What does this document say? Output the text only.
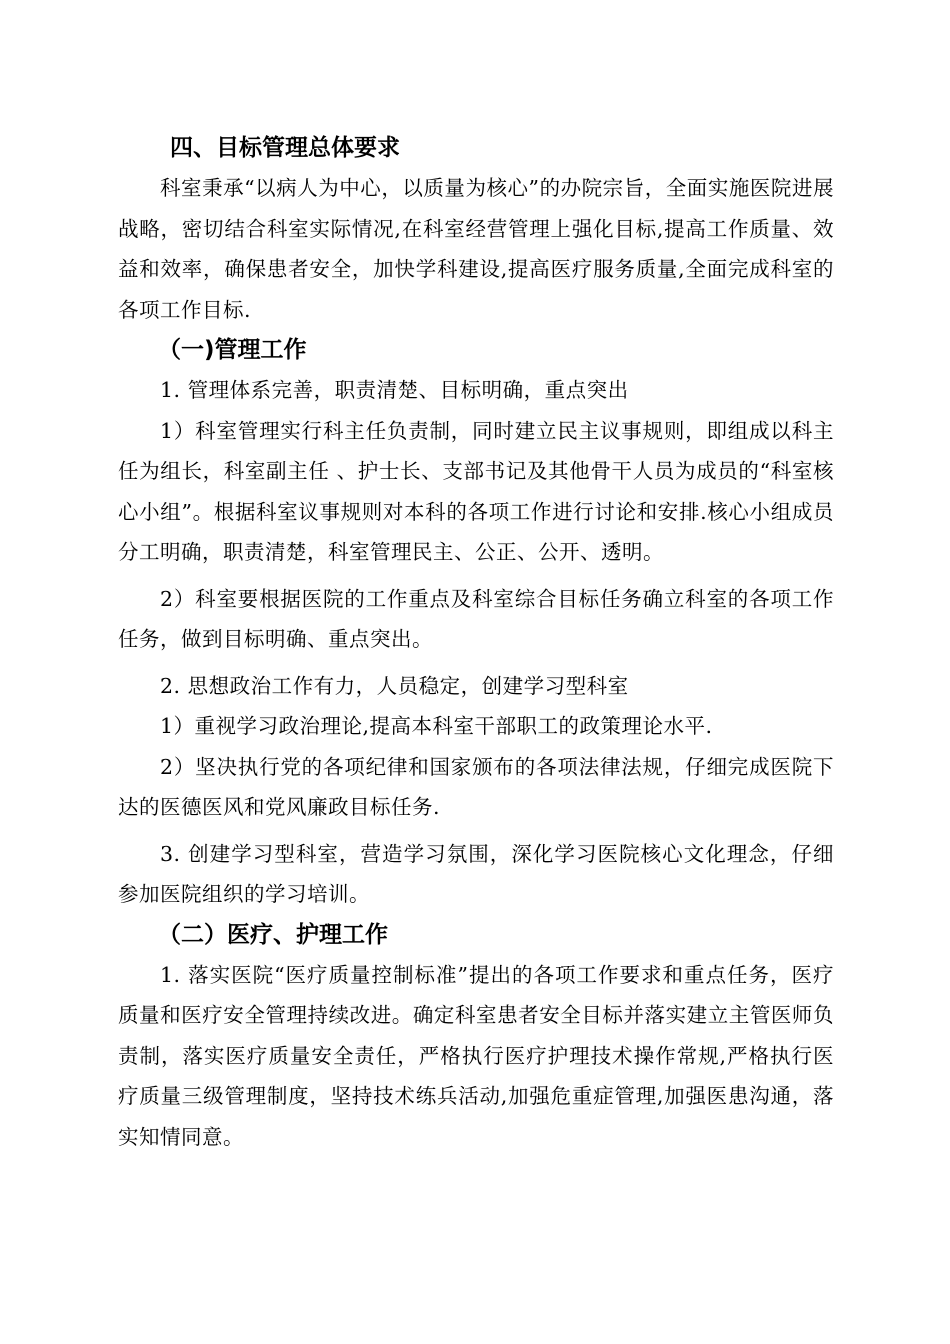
四、目标管理总体要求

科室秉承“以病人为中心，以质量为核心”的办院宗旨，全面实施医院进展战略，密切结合科室实际情况,在科室经营管理上强化目标,提高工作质量、效益和效率，确保患者安全，加快学科建设,提高医疗服务质量,全面完成科室的各项工作目标.

（一)管理工作

1. 管理体系完善，职责清楚、目标明确，重点突出

1）科室管理实行科主任负责制，同时建立民主议事规则，即组成以科主任为组长，科室副主任 、护士长、支部书记及其他骨干人员为成员的“科室核心小组”。根据科室议事规则对本科的各项工作进行讨论和安排.核心小组成员分工明确，职责清楚，科室管理民主、公正、公开、透明。

2）科室要根据医院的工作重点及科室综合目标任务确立科室的各项工作任务，做到目标明确、重点突出。

2. 思想政治工作有力，人员稳定，创建学习型科室

1）重视学习政治理论,提高本科室干部职工的政策理论水平.

2）坚决执行党的各项纪律和国家颁布的各项法律法规，仔细完成医院下达的医德医风和党风廉政目标任务.

3. 创建学习型科室，营造学习氛围，深化学习医院核心文化理念，仔细参加医院组织的学习培训。

（二）医疗、护理工作

1. 落实医院“医疗质量控制标准”提出的各项工作要求和重点任务，医疗质量和医疗安全管理持续改进。确定科室患者安全目标并落实建立主管医师负责制，落实医疗质量安全责任，严格执行医疗护理技术操作常规,严格执行医疗质量三级管理制度，坚持技术练兵活动,加强危重症管理,加强医患沟通，落实知情同意。
